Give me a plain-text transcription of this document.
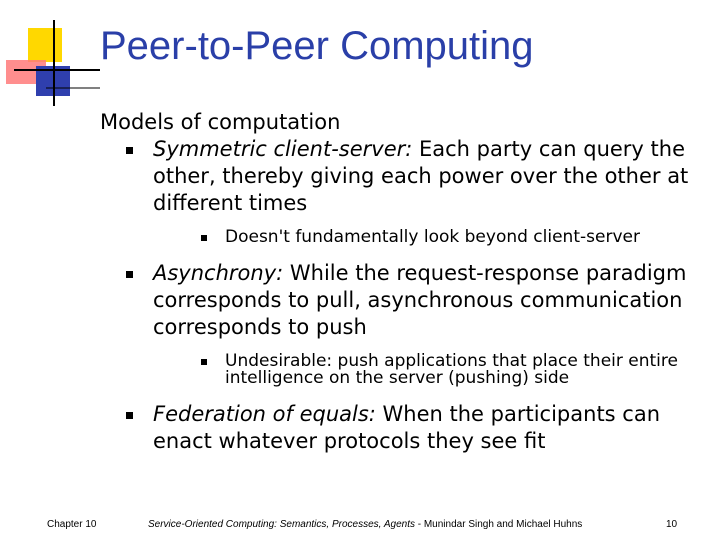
Peer-to-Peer Computing
Models of computation
Symmetric client-server: Each party can query the other, thereby giving each power over the other at different times
Doesn't fundamentally look beyond client-server
Asynchrony: While the request-response paradigm corresponds to pull, asynchronous communication corresponds to push
Undesirable: push applications that place their entire intelligence on the server (pushing) side
Federation of equals: When the participants can enact whatever protocols they see fit
Chapter 10	Service-Oriented Computing: Semantics, Processes, Agents - Munindar Singh and Michael Huhns	10
